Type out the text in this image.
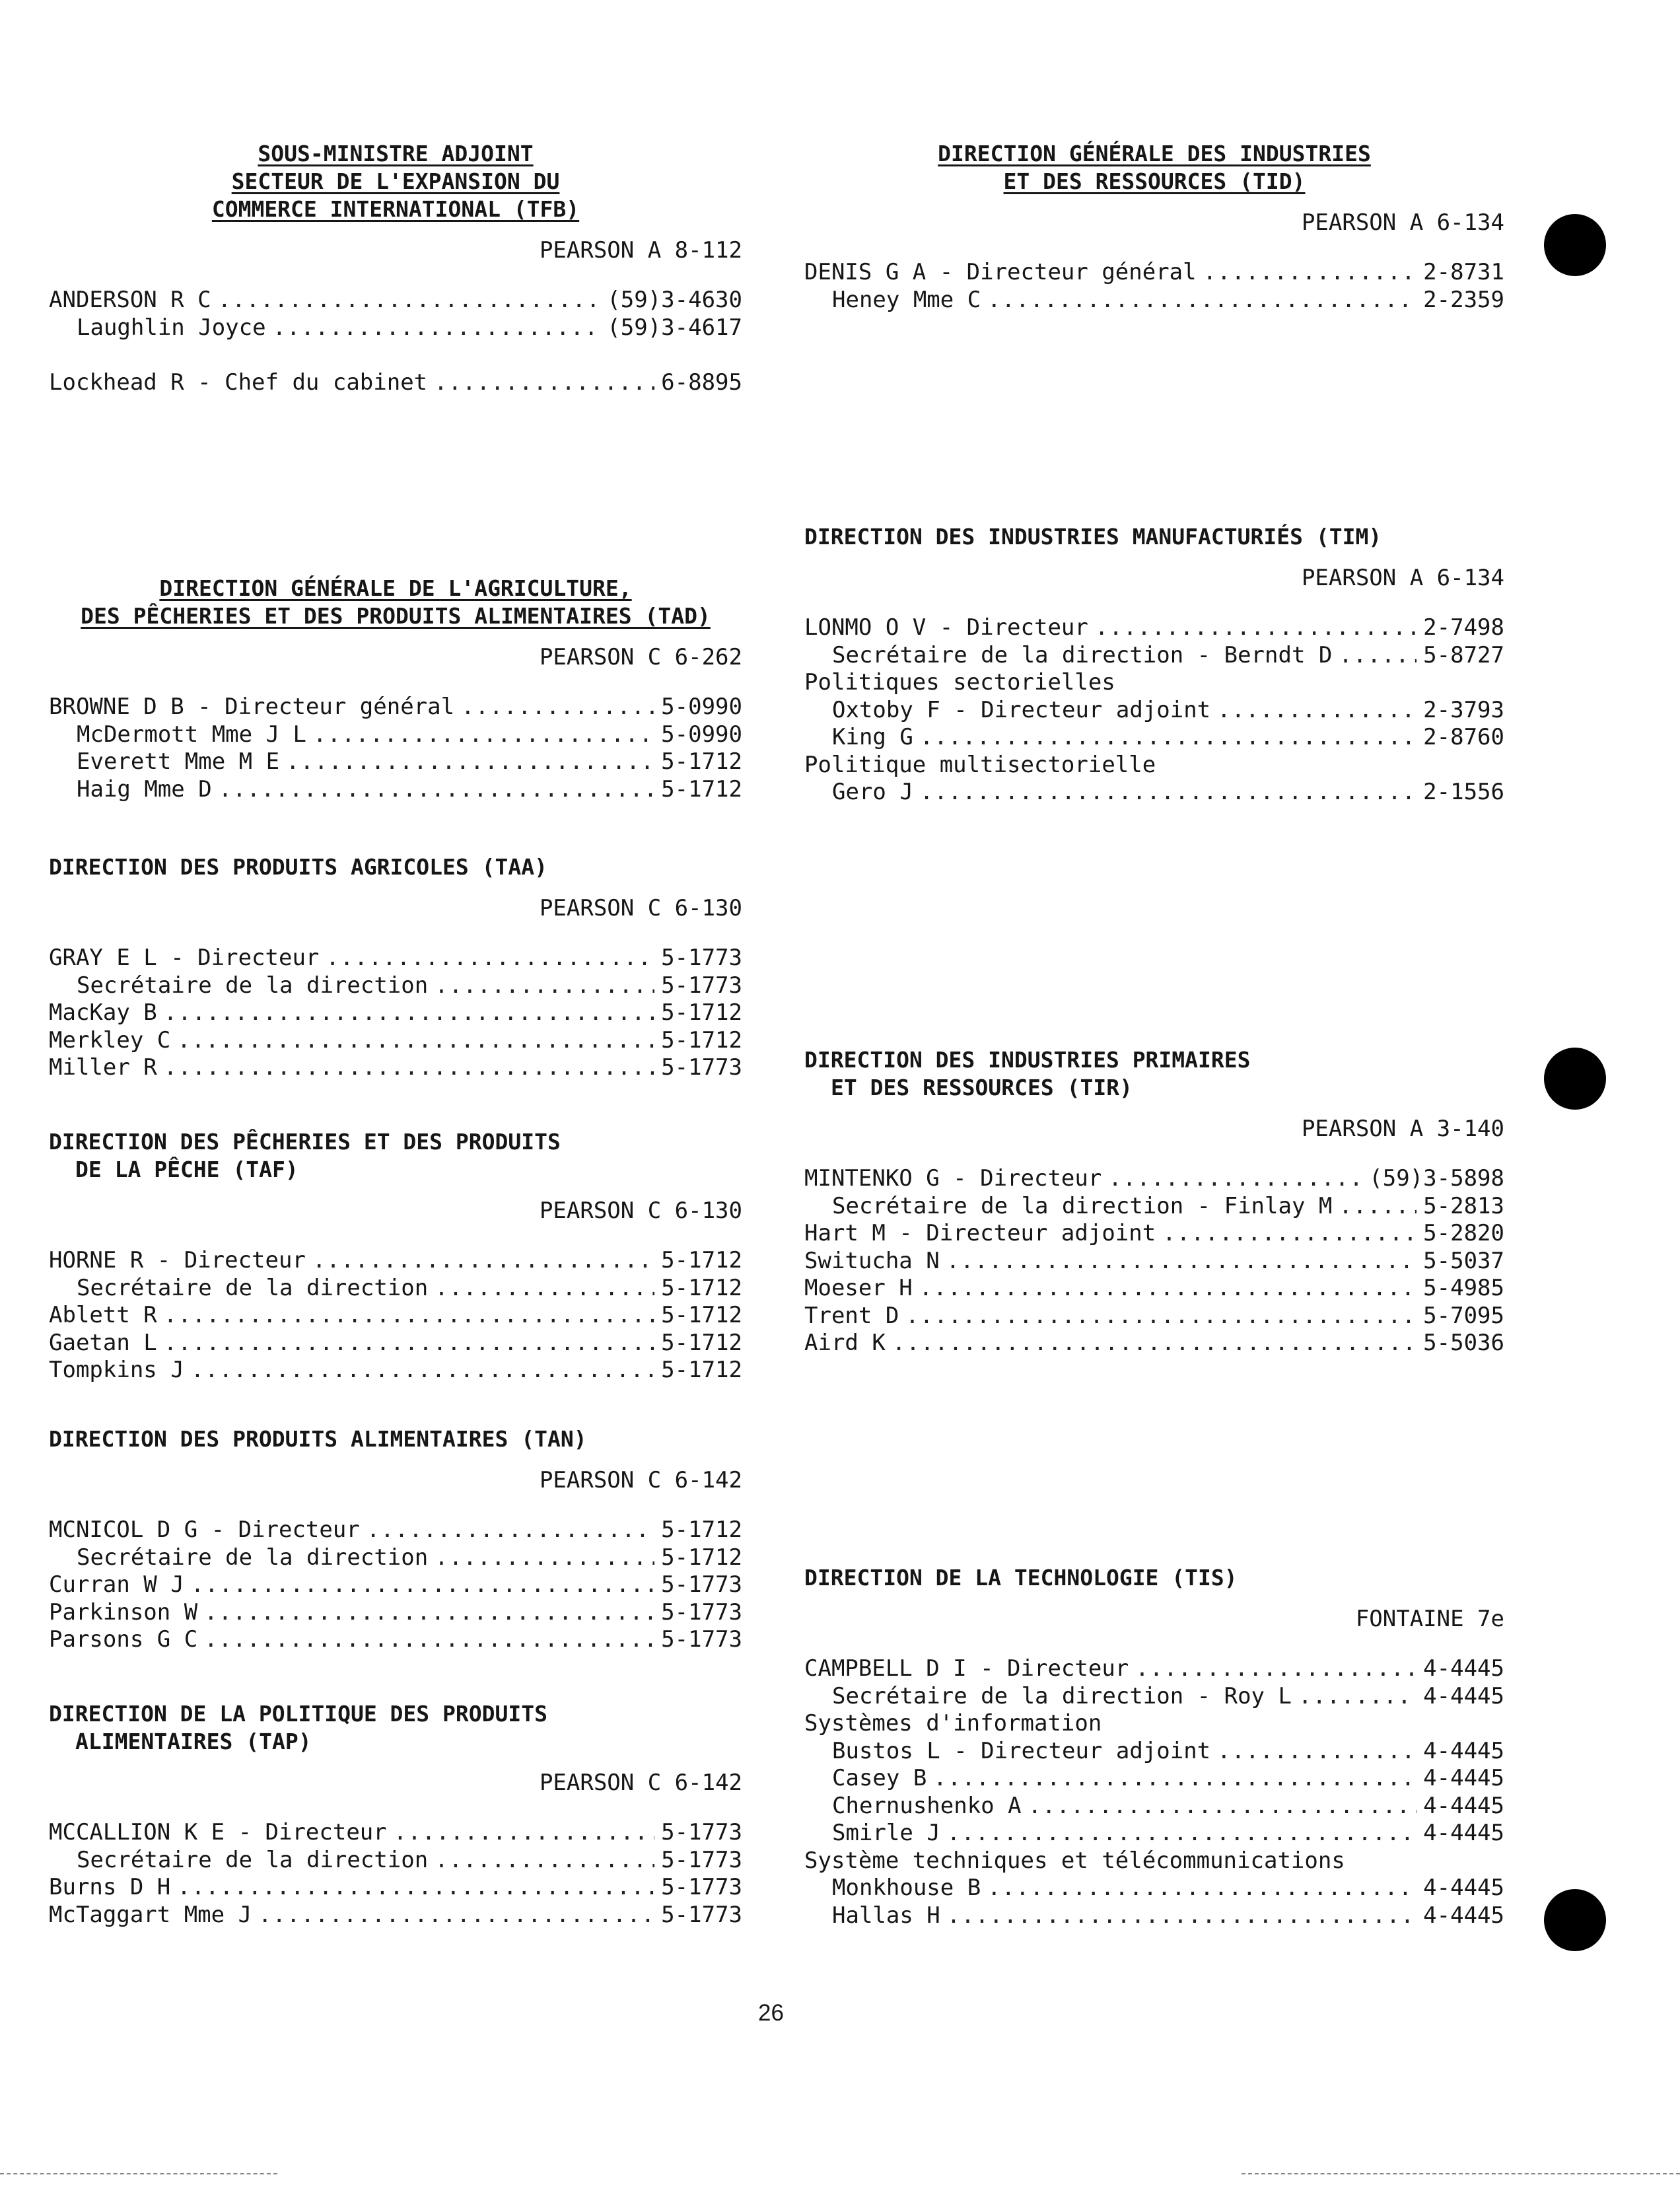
SOUS-MINISTRE ADJOINT
SECTEUR DE L'EXPANSION DU
COMMERCE INTERNATIONAL (TFB)
PEARSON A 8-112
ANDERSON R C .....	(59)3-4630
Laughlin Joyce .....	(59)3-4617

Lockhead R - Chef du cabinet .....	6-8895
DIRECTION GÉNÉRALE DE L'AGRICULTURE,
DES PÊCHERIES ET DES PRODUITS ALIMENTAIRES (TAD)
PEARSON C 6-262
BROWNE D B - Directeur général .....	5-0990
McDermott Mme J L .....	5-0990
Everett Mme M E .....	5-1712
Haig Mme D .....	5-1712
DIRECTION DES PRODUITS AGRICOLES (TAA)
PEARSON C 6-130
GRAY E L - Directeur .....	5-1773
Secrétaire de la direction .....	5-1773
MacKay B .....	5-1712
Merkley C .....	5-1712
Miller R .....	5-1773
DIRECTION DES PÊCHERIES ET DES PRODUITS
DE LA PÊCHE (TAF)
PEARSON C 6-130
HORNE R - Directeur .....	5-1712
Secrétaire de la direction .....	5-1712
Ablett R .....	5-1712
Gaetan L .....	5-1712
Tompkins J .....	5-1712
DIRECTION DES PRODUITS ALIMENTAIRES (TAN)
PEARSON C 6-142
MCNICOL D G - Directeur .....	5-1712
Secrétaire de la direction .....	5-1712
Curran W J .....	5-1773
Parkinson W .....	5-1773
Parsons G C .....	5-1773
DIRECTION DE LA POLITIQUE DES PRODUITS
ALIMENTAIRES (TAP)
PEARSON C 6-142
MCCALLION K E - Directeur .....	5-1773
Secrétaire de la direction .....	5-1773
Burns D H .....	5-1773
McTaggart Mme J .....	5-1773
DIRECTION GÉNÉRALE DES INDUSTRIES
ET DES RESSOURCES (TID)
PEARSON A 6-134
DENIS G A - Directeur général .....	2-8731
Heney Mme C .....	2-2359
DIRECTION DES INDUSTRIES MANUFACTURIÉS (TIM)
PEARSON A 6-134
LONMO O V - Directeur .....	2-7498
Secrétaire de la direction - Berndt D .....	5-8727
Politiques sectorielles
Oxtoby F - Directeur adjoint .....	2-3793
King G .....	2-8760
Politique multisectorielle
Gero J .....	2-1556
DIRECTION DES INDUSTRIES PRIMAIRES
ET DES RESSOURCES (TIR)
PEARSON A 3-140
MINTENKO G - Directeur .....	(59)3-5898
Secrétaire de la direction - Finlay M .....	5-2813
Hart M - Directeur adjoint .....	5-2820
Switucha N .....	5-5037
Moeser H .....	5-4985
Trent D .....	5-7095
Aird K .....	5-5036
DIRECTION DE LA TECHNOLOGIE (TIS)
FONTAINE 7e
CAMPBELL D I - Directeur .....	4-4445
Secrétaire de la direction - Roy L .....	4-4445
Systèmes d'information
Bustos L - Directeur adjoint .....	4-4445
Casey B .....	4-4445
Chernushenko A .....	4-4445
Smirle J .....	4-4445
Système techniques et télécommunications
Monkhouse B .....	4-4445
Hallas H .....	4-4445
26
